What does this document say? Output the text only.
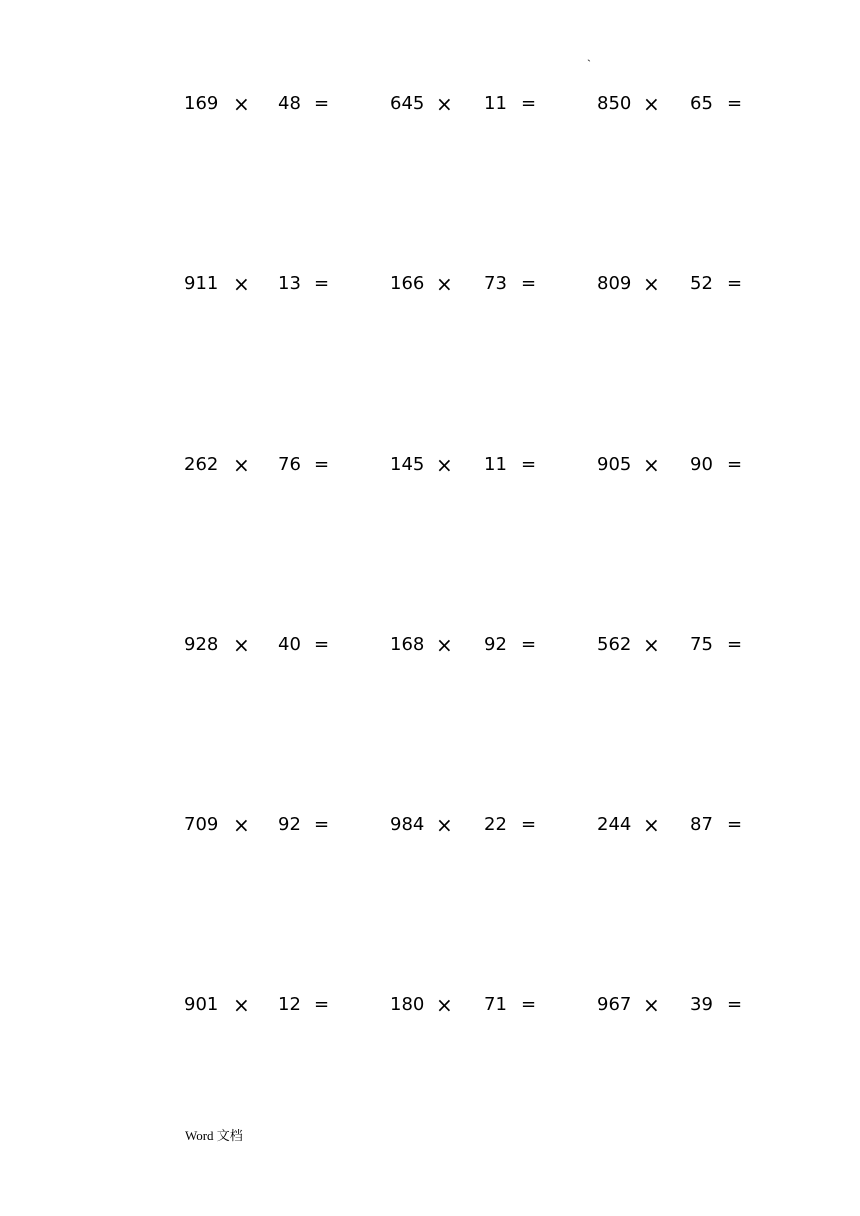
`
169 × 48 =	645 × 11 =	850 × 65 =
911 × 13 =	166 × 73 =	809 × 52 =
262 × 76 =	145 × 11 =	905 × 90 =
928 × 40 =	168 × 92 =	562 × 75 =
709 × 92 =	984 × 22 =	244 × 87 =
901 × 12 =	180 × 71 =	967 × 39 =
Word 文档
